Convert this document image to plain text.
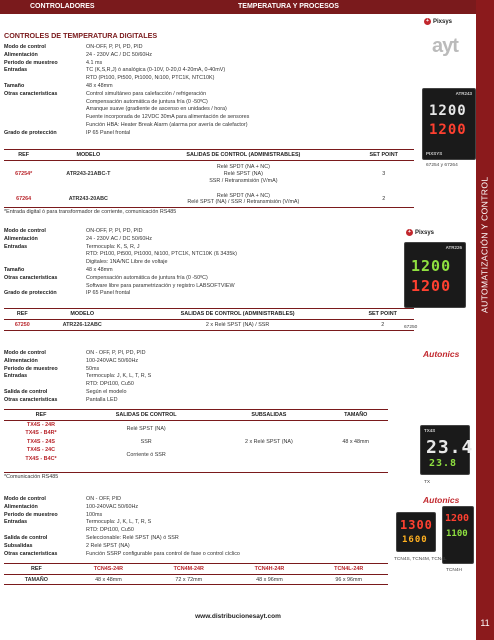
CONTROLADORES	TEMPERATURA Y PROCESOS
AUTOMATIZACIÓN Y CONTROL
11
+ Pixsys
ayt
CONTROLES DE TEMPERATURA DIGITALES
Modo de control	ON-OFF, P, PI, PD, PID
Alimentación	24 - 230V AC / DC 50/60Hz
Periodo de muestreo	4.1 ms
Entradas	TC (K,S,R,J) ó analógica (0-10V, 0-20,0 4-20mA, 0-40mV)
RTD (Pt100, Pt500, Pt1000, Ni100, PTC1K, NTC10K)
Tamaño	48 x 48mm
Otras características	Control simultáneo para calefacción / refrigeración
Compensación automática de juntura fría (0 -50ºC)
Arranque suave (gradiente de ascenso en unidades / hora)
Fuente incorporada de 12VDC 30mA para alimentación de sensores
Función HBA: Heater Break Alarm (alarma por avería de calefactor)
Grado de protección	IP 65 Panel frontal
REF	MODELO	SALIDAS DE CONTROL (ADMINISTRABLES)	SET POINT
67254*	ATR243-21ABC-T	Relé SPDT (NA + NC)
Relé SPST (NA)
SSR / Retransmisión (V/mA)	3
67264	ATR243-20ABC	Relé SPDT (NA + NC)
Relé SPST (NA) / SSR / Retransmisión (V/mA)	2
*Entrada digital ó para transformador de corriente, comunicación RS485
ATR243
1200
1200
PIXSYS
67254 y 67264
Modo de control	ON-OFF, P, PI, PD, PID
Alimentación	24 - 230V AC / DC 50/60Hz
Entradas	Termocupla: K, S, R, J
RTD: Pt100, Pt500, Pt1000, Ni100, PTC1K, NTC10K (ß 3435k)
Digitales: 1NA/NC Libre de voltaje
Tamaño	48 x 48mm
Otras características	Compensación automática de juntura fría (0 -50ºC)
Software libre para parametrización y registro LABSOFTVIEW
Grado de protección	IP 65 Panel frontal
+ Pixsys
REF	MODELO	SALIDAS DE CONTROL (ADMINISTRABLES)	SET POINT
67250	ATR226-12ABC	2 x Relé SPST (NA) / SSR	2
ATR226
1200
1200
67250
Modo de control	ON - OFF, P, PI, PD, PID
Alimentación	100-240VAC 50/60Hz
Periodo de muestreo	50ms
Entradas	Termocupla: J, K, L, T, R, S
RTD: DPt100, Cu50
Salida de control	Según el modelo
Otras características	Pantalla LED
Autonics
REF	SALIDAS DE CONTROL	SUBSALIDAS	TAMAÑO
TX4S - 24R	Relé SPST (NA)	2 x Relé SPST (NA)	48 x 48mm
TX4S - B4R*			
TX4S - 24S	SSR		
TX4S - 24C	Corriente ó SSR		
TX4S - B4C*			
*Comunicación RS485
TX4S
23.4
23.8
TX
Modo de control	ON - OFF, PID
Alimentación	100-240VAC 50/60Hz
Periodo de muestreo	100ms
Entradas	Termocupla: J, K, L, T, R, S
RTD: DPt100, Cu50
Salida de control	Seleccionable: Relé SPST (NA) ó SSR
Subsalidas	2 Relé SPST (NA)
Otras características	Función SSRP configurable para control de fase o control cíclico
Autonics
REF	TCN4S-24R	TCN4M-24R	TCN4H-24R	TCN4L-24R
TAMAÑO	48 x 48mm	72 x 72mm	48 x 96mm	96 x 96mm
1300
1600
1200
1100
TCN4S, TCN4M, TCN4L
TCN4H
www.distribucionesayt.com
